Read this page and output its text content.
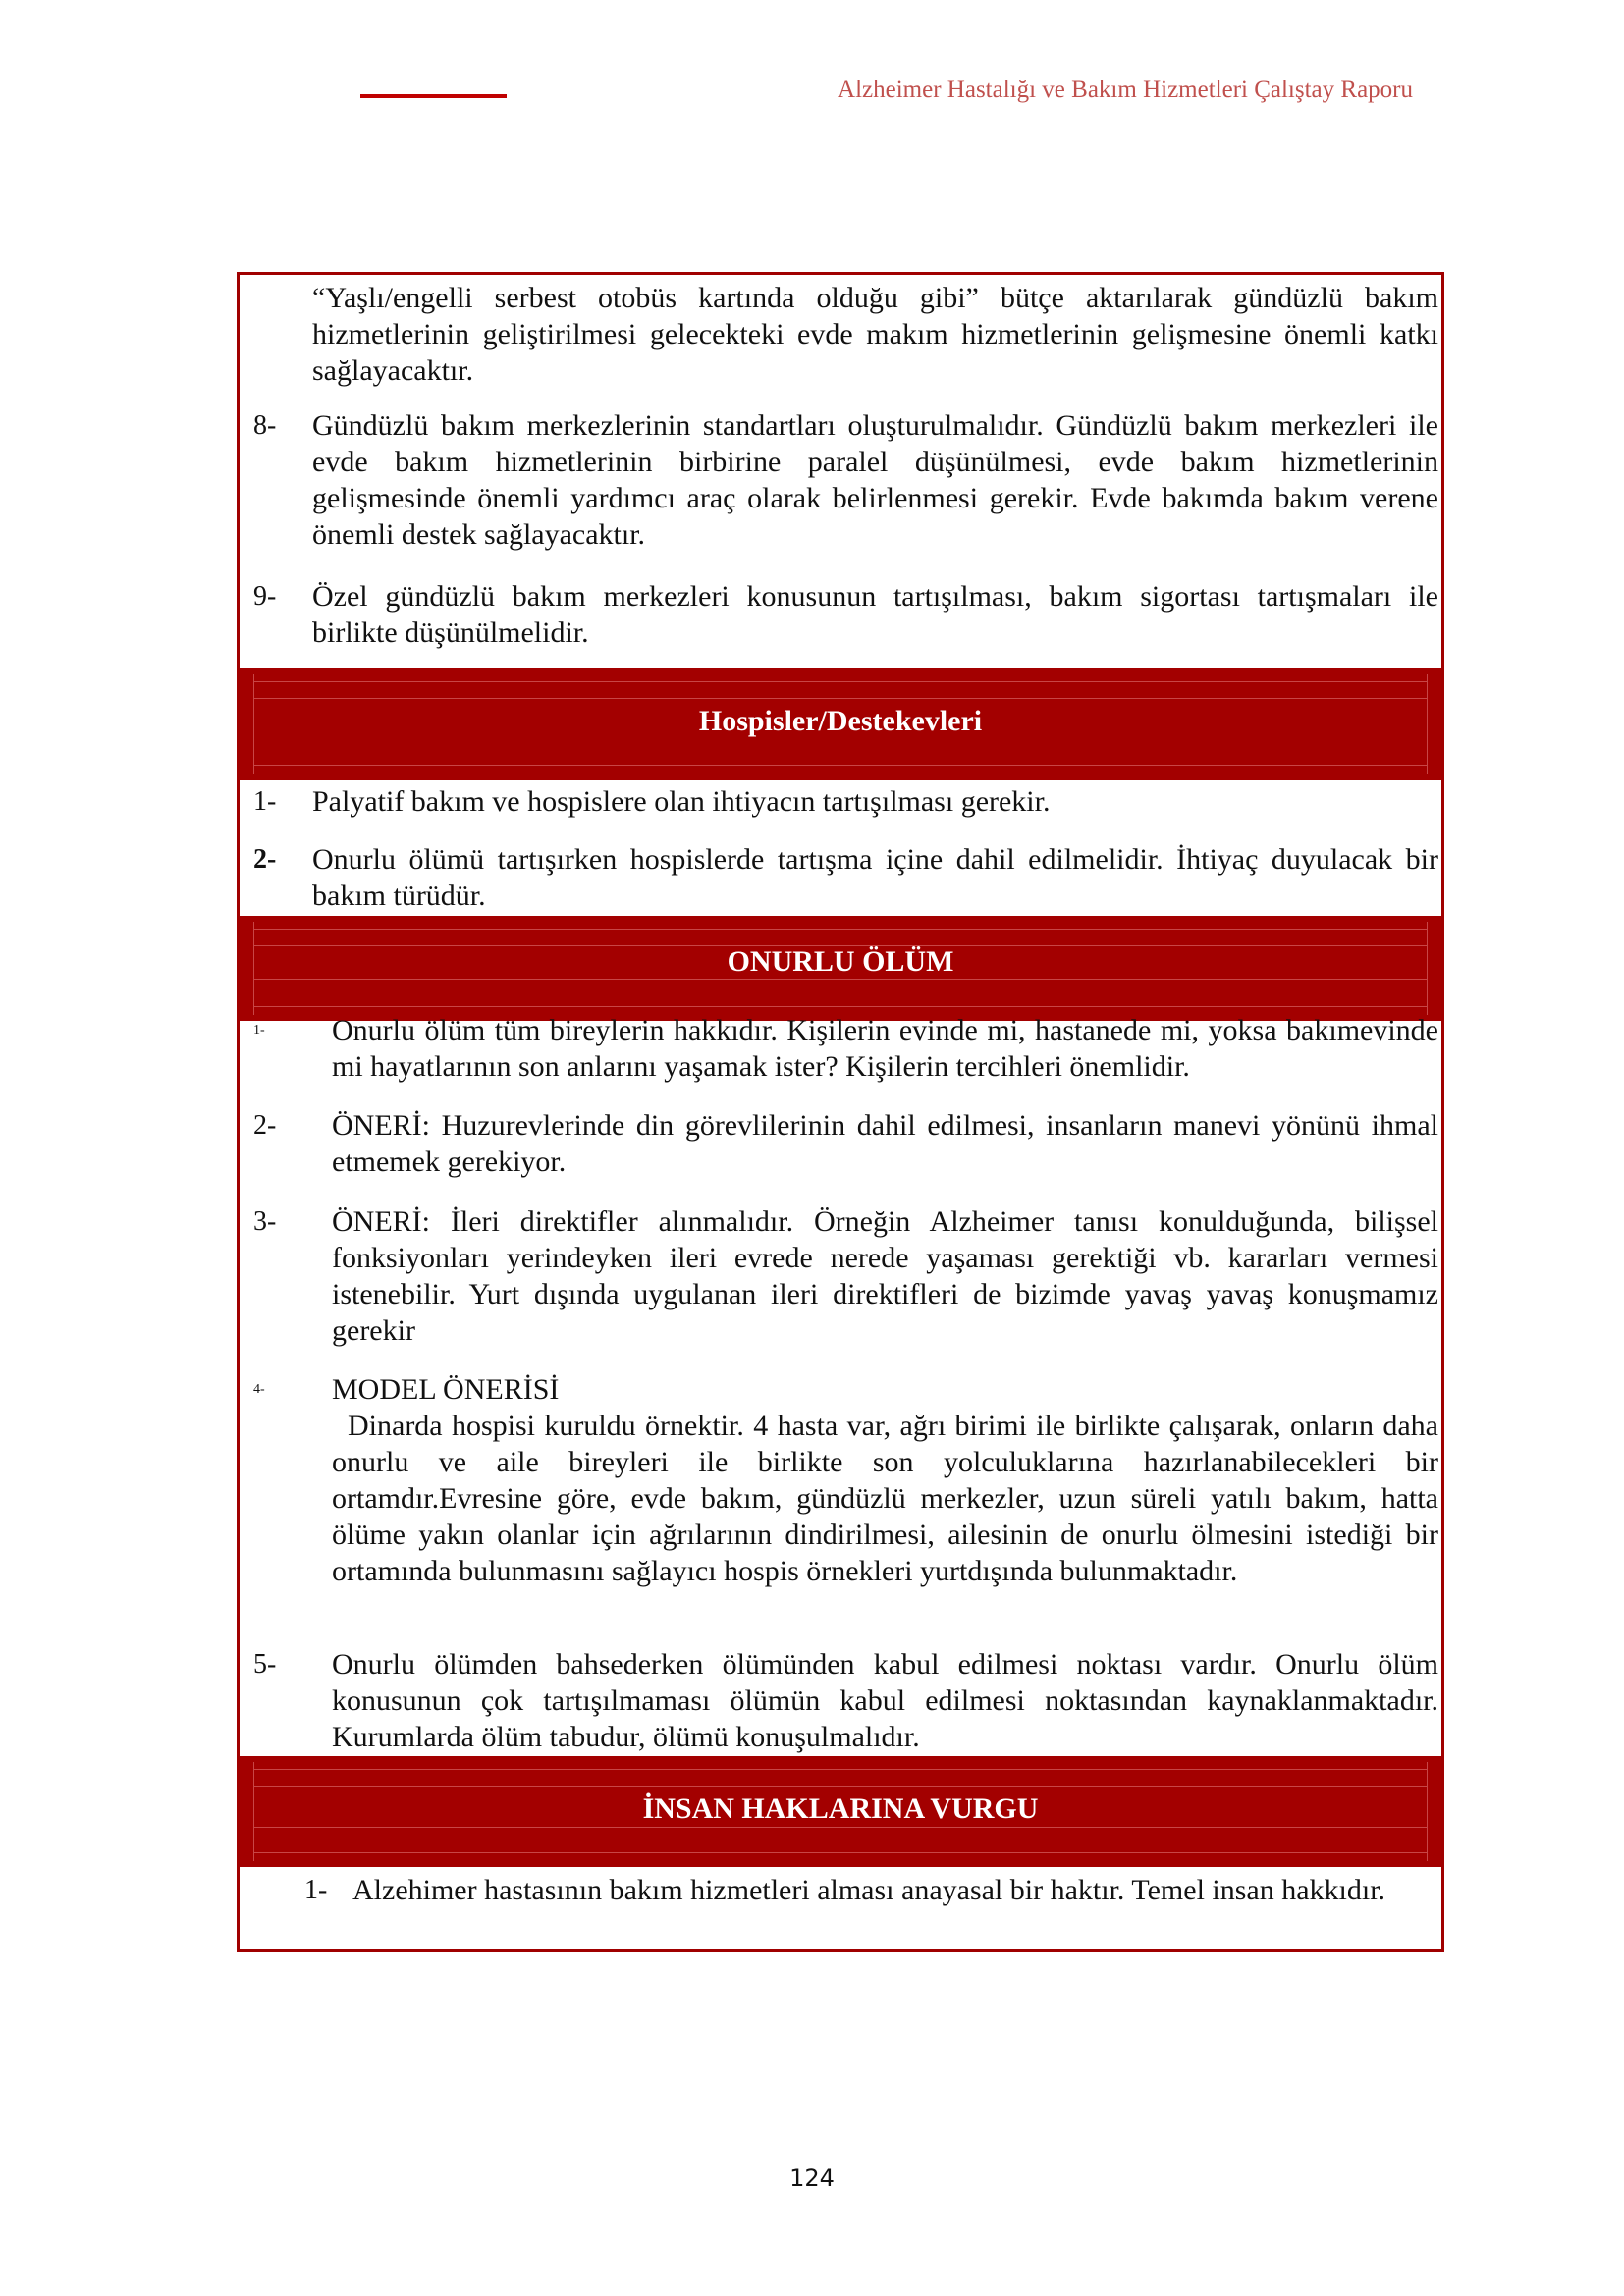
Alzheimer Hastalığı ve Bakım Hizmetleri Çalıştay Raporu
“Yaşlı/engelli serbest otobüs kartında olduğu gibi” bütçe aktarılarak gündüzlü bakım hizmetlerinin geliştirilmesi gelecekteki evde makım hizmetlerinin gelişmesine önemli katkı sağlayacaktır.
8- Gündüzlü bakım merkezlerinin standartları oluşturulmalıdır. Gündüzlü bakım merkezleri ile evde bakım hizmetlerinin birbirine paralel düşünülmesi, evde bakım hizmetlerinin gelişmesinde önemli yardımcı araç olarak belirlenmesi gerekir. Evde bakımda bakım verene önemli destek sağlayacaktır.
9- Özel gündüzlü bakım merkezleri konusunun tartışılması, bakım sigortası tartışmaları ile birlikte düşünülmelidir.
Hospisler/Destekevleri
1- Palyatif bakım ve hospislere olan ihtiyacın tartışılması gerekir.
2- Onurlu ölümü tartışırken hospislerde tartışma içine dahil edilmelidir. İhtiyaç duyulacak bir bakım türüdür.
ONURLU ÖLÜM
1- Onurlu ölüm tüm bireylerin hakkıdır. Kişilerin evinde mi, hastanede mi, yoksa bakımevinde mi hayatlarının son anlarını yaşamak ister? Kişilerin tercihleri önemlidir.
2- ÖNERİ: Huzurevlerinde din görevlilerinin dahil edilmesi, insanların manevi yönünü ihmal etmemek gerekiyor.
3- ÖNERİ: İleri direktifler alınmalıdır. Örneğin Alzheimer tanısı konulduğunda, bilişsel fonksiyonları yerindeyken ileri evrede nerede yaşaması gerektiği vb. kararları vermesi istenebilir. Yurt dışında uygulanan ileri direktifleri de bizimde yavaş yavaş konuşmamız gerekir
4- MODEL ÖNERİSİ
Dinarda hospisi kuruldu örnektir. 4 hasta var, ağrı birimi ile birlikte çalışarak, onların daha onurlu ve aile bireyleri ile birlikte son yolculuklarına hazırlanabilecekleri bir ortamdır.Evresine göre, evde bakım, gündüzlü merkezler, uzun süreli yatılı bakım, hatta ölüme yakın olanlar için ağrılarının dindirilmesi, ailesinin de onurlu ölmesini istediği bir ortamında bulunmasını sağlayıcı hospis örnekleri yurtdışında bulunmaktadır.
5- Onurlu ölümden bahsederken ölümünden kabul edilmesi noktası vardır. Onurlu ölüm konusunun çok tartışılmaması ölümün kabul edilmesi noktasından kaynaklanmaktadır. Kurumlarda ölüm tabudur, ölümü konuşulmalıdır.
İNSAN HAKLARINA VURGU
1- Alzehimer hastasının bakım hizmetleri alması anayasal bir haktır. Temel insan hakkıdır.
124
